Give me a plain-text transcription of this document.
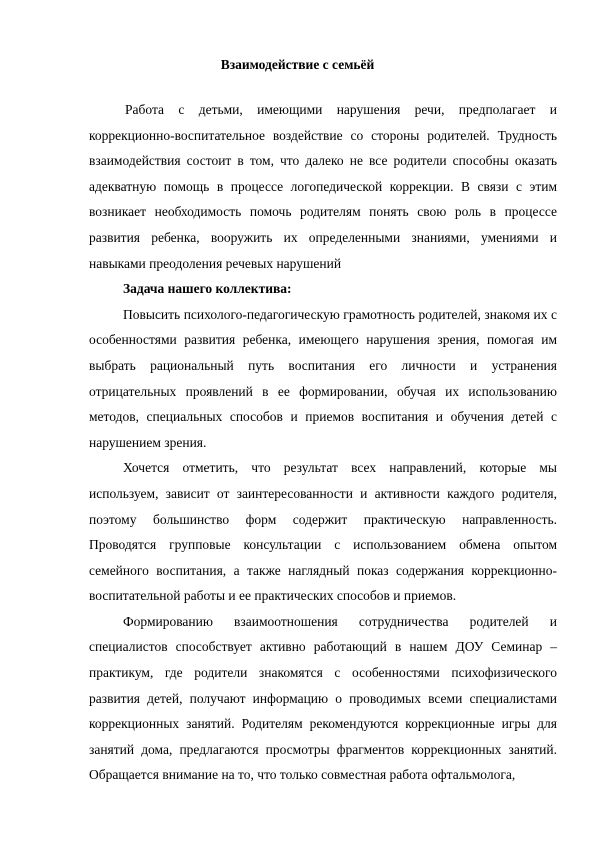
Взаимодействие с семьёй

Работа с детьми, имеющими нарушения речи, предполагает и коррекционно-воспитательное воздействие со стороны родителей. Трудность взаимодействия состоит в том, что далеко не все родители способны оказать адекватную помощь в процессе логопедической коррекции. В связи с этим возникает необходимость помочь родителям понять свою роль в процессе развития ребенка, вооружить их определенными знаниями, умениями и навыками преодоления речевых нарушений

Задача нашего коллектива:

Повысить психолого-педагогическую грамотность родителей, знакомя их с особенностями развития ребенка, имеющего нарушения зрения, помогая им выбрать рациональный путь воспитания его личности и устранения отрицательных проявлений в ее формировании, обучая их использованию методов, специальных способов и приемов воспитания и обучения детей с нарушением зрения.

Хочется отметить, что результат всех направлений, которые мы используем, зависит от заинтересованности и активности каждого родителя, поэтому большинство форм содержит практическую направленность. Проводятся групповые консультации с использованием обмена опытом семейного воспитания, а также наглядный показ содержания коррекционно-воспитательной работы и ее практических способов и приемов.

Формированию взаимоотношения сотрудничества родителей и специалистов способствует активно работающий в нашем ДОУ Семинар – практикум, где родители знакомятся с особенностями психофизического развития детей, получают информацию о проводимых всеми специалистами коррекционных занятий. Родителям рекомендуются коррекционные игры для занятий дома, предлагаются просмотры фрагментов коррекционных занятий. Обращается внимание на то, что только совместная работа офтальмолога,
